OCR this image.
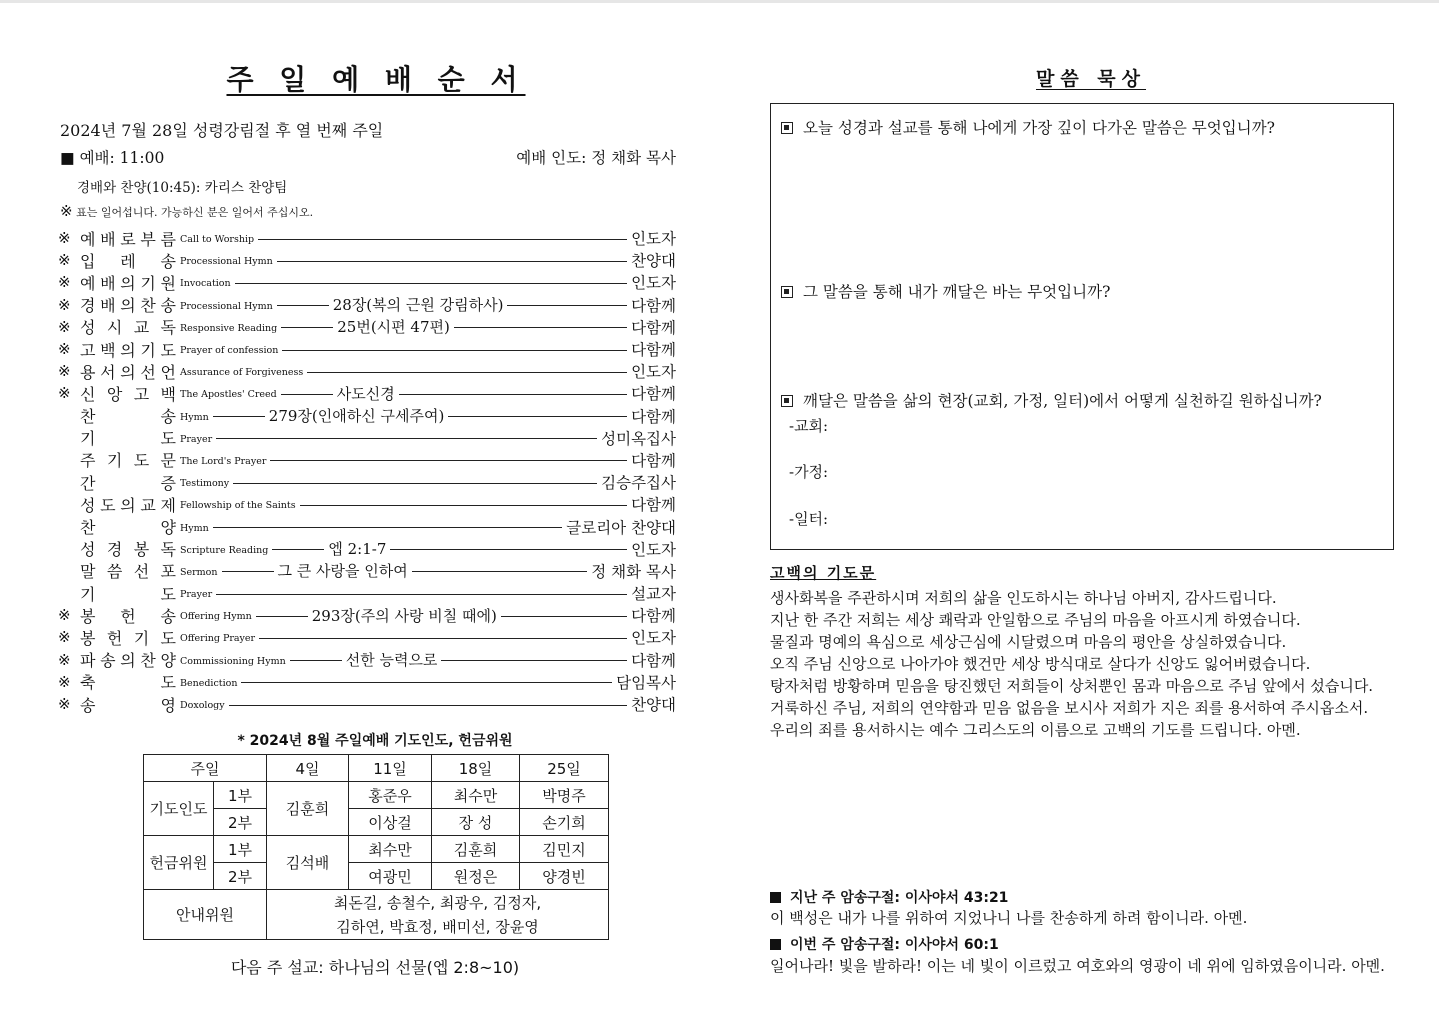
주 일 예 배 순 서
2024년 7월 28일 성령강림절 후 열 번째 주일
■ 예배: 11:00	예배 인도: 정 채화 목사
경배와 찬양(10:45): 카리스 찬양팀
※ 표는 일어섭니다. 가능하신 분은 일어서 주십시오.
※ 예 배 로 부 름 Call to Worship	인도자
※ 입 레 송 Processional Hymn	찬양대
※ 예 배 의 기 원 Invocation	인도자
※ 경 배 의 찬 송 Processional Hymn	28장(복의 근원 강림하사)	다함께
※ 성 시 교 독 Responsive Reading	25번(시편 47편)	다함께
※ 고 백 의 기 도 Prayer of confession	다함께
※ 용 서 의 선 언 Assurance of Forgiveness	인도자
※ 신 앙 고 백 The Apostles' Creed	사도신경	다함께
찬	송 Hymn	279장(인애하신 구세주여)	다함께
기	도 Prayer	성미옥집사
주 기 도 문 The Lord's Prayer	다함께
간	증 Testimony	김승주집사
성 도 의 교 제 Fellowship of the Saints	다함께
찬	양 Hymn	글로리아 찬양대
성 경 봉 독 Scripture Reading	엡 2:1-7	인도자
말 씀 선 포 Sermon	그 큰 사랑을 인하여	정 채화 목사
기	도 Prayer	설교자
※ 봉 헌 송 Offering Hymn	293장(주의 사랑 비칠 때에)	다함께
※ 봉 헌 기 도 Offering Prayer	인도자
※ 파 송 의 찬 양 Commissioning Hymn	선한 능력으로	다함께
※ 축	도 Benediction	담임목사
※ 송	영 Doxology	찬양대
* 2024년 8월 주일예배 기도인도, 헌금위원
주일		4일	11일	18일	25일
기도인도	1부	김훈희	홍준우	최수만	박명주
	2부		이상걸	장 성	손기희
헌금위원	1부	김석배	최수만	김훈희	김민지
	2부		여광민	원정은	양경빈
안내위원		최돈길, 송철수, 최광우, 김정자,
김하연, 박효정, 배미선, 장윤영			
다음 주 설교: 하나님의 선물(엡 2:8~10)
말씀 묵상
오늘 성경과 설교를 통해 나에게 가장 깊이 다가온 말씀은 무엇입니까?
그 말씀을 통해 내가 깨달은 바는 무엇입니까?
깨달은 말씀을 삶의 현장(교회, 가정, 일터)에서 어떻게 실천하길 원하십니까?
-교회:
-가정:
-일터:
고백의 기도문
생사화복을 주관하시며 저희의 삶을 인도하시는 하나님 아버지, 감사드립니다.
지난 한 주간 저희는 세상 쾌락과 안일함으로 주님의 마음을 아프시게 하였습니다.
물질과 명예의 욕심으로 세상근심에 시달렸으며 마음의 평안을 상실하였습니다.
오직 주님 신앙으로 나아가야 했건만 세상 방식대로 살다가 신앙도 잃어버렸습니다.
탕자처럼 방황하며 믿음을 탕진했던 저희들이 상처뿐인 몸과 마음으로 주님 앞에서 섰습니다.
거룩하신 주님, 저희의 연약함과 믿음 없음을 보시사 저희가 지은 죄를 용서하여 주시옵소서.
우리의 죄를 용서하시는 예수 그리스도의 이름으로 고백의 기도를 드립니다. 아멘.
지난 주 암송구절: 이사야서 43:21
이 백성은 내가 나를 위하여 지었나니 나를 찬송하게 하려 함이니라. 아멘.
이번 주 암송구절: 이사야서 60:1
일어나라! 빛을 발하라! 이는 네 빛이 이르렀고 여호와의 영광이 네 위에 임하였음이니라. 아멘.
